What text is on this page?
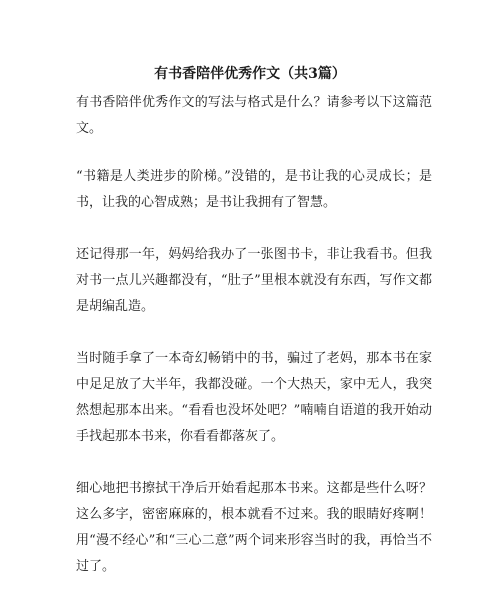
有书香陪伴优秀作文（共3篇）

有书香陪伴优秀作文的写法与格式是什么？请参考以下这篇范文。

“书籍是人类进步的阶梯。”没错的，是书让我的心灵成长；是书，让我的心智成熟；是书让我拥有了智慧。

还记得那一年，妈妈给我办了一张图书卡，非让我看书。但我对书一点儿兴趣都没有，“肚子”里根本就没有东西，写作文都是胡编乱造。

当时随手拿了一本奇幻畅销中的书，骗过了老妈，那本书在家中足足放了大半年，我都没碰。一个大热天，家中无人，我突然想起那本出来。“看看也没坏处吧？”喃喃自语道的我开始动手找起那本书来，你看看都落灰了。

细心地把书擦拭干净后开始看起那本书来。这都是些什么呀？这么多字，密密麻麻的，根本就看不过来。我的眼睛好疼啊！用“漫不经心”和“三心二意”两个词来形容当时的我，再恰当不过了。
